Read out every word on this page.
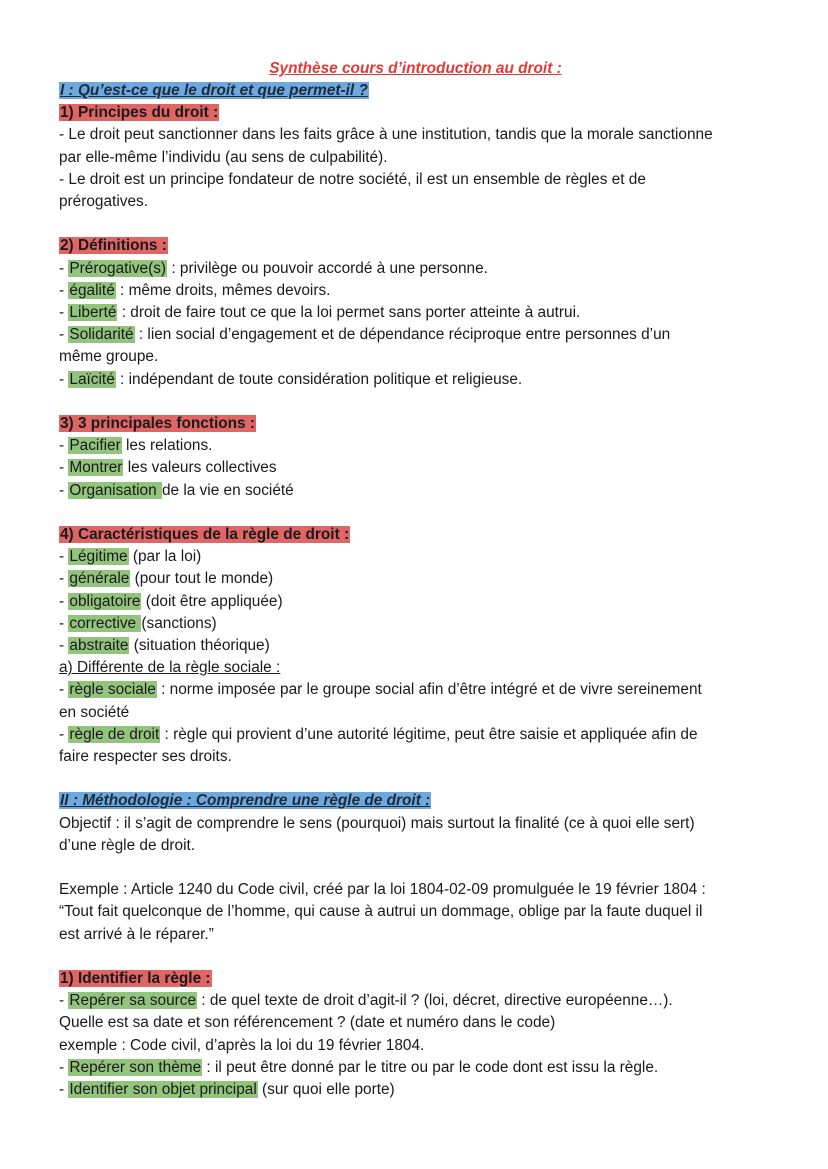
Synthèse cours d’introduction au droit :
I : Qu’est-ce que le droit et que permet-il ?
1) Principes du droit :
- Le droit peut sanctionner dans les faits grâce à une institution, tandis que la morale sanctionne
par elle-même l’individu (au sens de culpabilité).
- Le droit est un principe fondateur de notre société, il est un ensemble de règles et de
prérogatives.
2) Définitions :
- Prérogative(s) : privilège ou pouvoir accordé à une personne.
- égalité : même droits, mêmes devoirs.
- Liberté : droit de faire tout ce que la loi permet sans porter atteinte à autrui.
- Solidarité : lien social d’engagement et de dépendance réciproque entre personnes d’un
même groupe.
- Laïcité : indépendant de toute considération politique et religieuse.
3) 3 principales fonctions :
- Pacifier les relations.
- Montrer les valeurs collectives
- Organisation de la vie en société
4) Caractéristiques de la règle de droit :
- Légitime (par la loi)
- générale (pour tout le monde)
- obligatoire (doit être appliquée)
- corrective (sanctions)
- abstraite (situation théorique)
a) Différente de la règle sociale :
- règle sociale : norme imposée par le groupe social afin d’être intégré et de vivre sereinement
en société
- règle de droit : règle qui provient d’une autorité légitime, peut être saisie et appliquée afin de
faire respecter ses droits.
II : Méthodologie : Comprendre une règle de droit :
Objectif : il s’agit de comprendre le sens (pourquoi) mais surtout la finalité (ce à quoi elle sert)
d’une règle de droit.
Exemple : Article 1240 du Code civil, créé par la loi 1804-02-09 promulguée le 19 février 1804 :
“Tout fait quelconque de l’homme, qui cause à autrui un dommage, oblige par la faute duquel il
est arrivé à le réparer.”
1) Identifier la règle :
- Repérer sa source : de quel texte de droit d’agit-il ? (loi, décret, directive européenne…).
Quelle est sa date et son référencement ? (date et numéro dans le code)
exemple : Code civil, d’après la loi du 19 février 1804.
- Repérer son thème : il peut être donné par le titre ou par le code dont est issu la règle.
- Identifier son objet principal (sur quoi elle porte)
